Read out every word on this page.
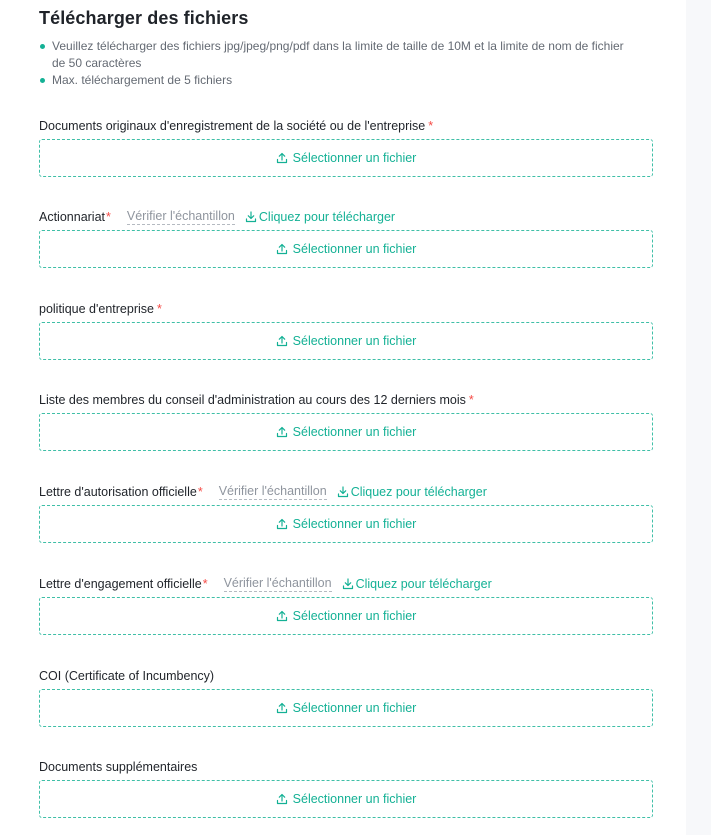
Télécharger des fichiers
Veuillez télécharger des fichiers jpg/jpeg/png/pdf dans la limite de taille de 10M et la limite de nom de fichier de 50 caractères
Max. téléchargement de 5 fichiers
Documents originaux d'enregistrement de la société ou de l'entreprise *
Sélectionner un fichier
Actionnariat * Vérifier l'échantillon Cliquez pour télécharger
Sélectionner un fichier
politique d'entreprise *
Sélectionner un fichier
Liste des membres du conseil d'administration au cours des 12 derniers mois *
Sélectionner un fichier
Lettre d'autorisation officielle * Vérifier l'échantillon Cliquez pour télécharger
Sélectionner un fichier
Lettre d'engagement officielle * Vérifier l'échantillon Cliquez pour télécharger
Sélectionner un fichier
COI (Certificate of Incumbency)
Sélectionner un fichier
Documents supplémentaires
Sélectionner un fichier
